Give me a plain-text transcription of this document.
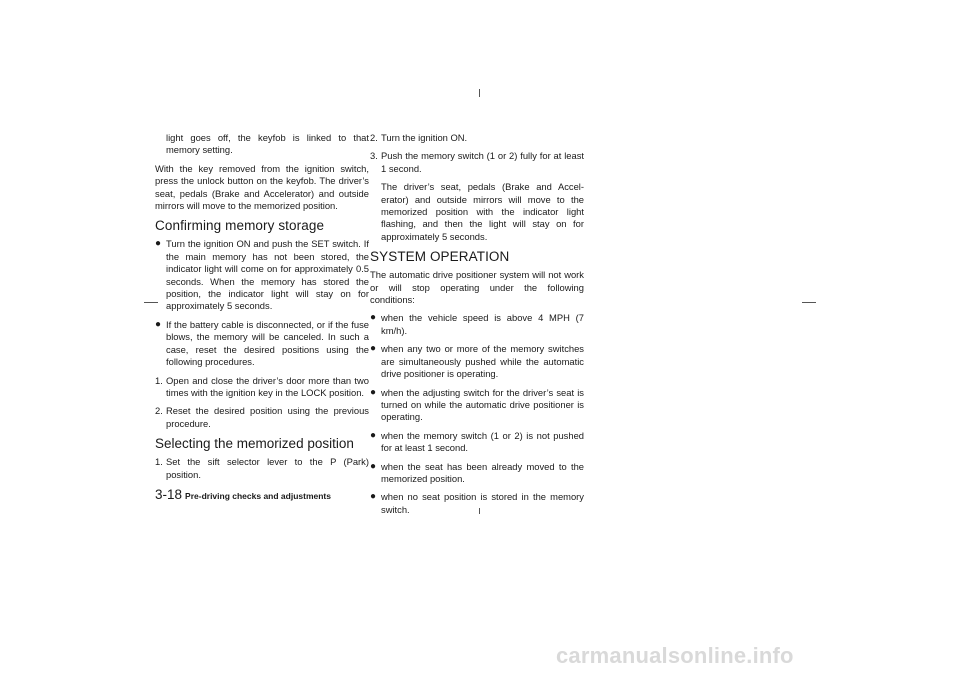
light goes off, the keyfob is linked to that memory setting.

With the key removed from the ignition switch, press the unlock button on the keyfob. The driver’s seat, pedals (Brake and Accelerator) and outside mirrors will move to the memorized position.

Confirming memory storage
● Turn the ignition ON and push the SET switch. If the main memory has not been stored, the indicator light will come on for approximately 0.5 seconds. When the memory has stored the position, the indicator light will stay on for approximately 5 seconds.
● If the battery cable is disconnected, or if the fuse blows, the memory will be canceled. In such a case, reset the desired positions using the following procedures.
1. Open and close the driver’s door more than two times with the ignition key in the LOCK position.
2. Reset the desired position using the previous procedure.
Selecting the memorized position
1. Set the sift selector lever to the P (Park) position.
2. Turn the ignition ON.
3. Push the memory switch (1 or 2) fully for at least 1 second.

The driver’s seat, pedals (Brake and Accel-erator) and outside mirrors will move to the memorized position with the indicator light flashing, and then the light will stay on for approximately 5 seconds.

SYSTEM OPERATION

The automatic drive positioner system will not work or will stop operating under the following conditions:

● when the vehicle speed is above 4 MPH (7 km/h).
● when any two or more of the memory switches are simultaneously pushed while the automatic drive positioner is operating.
● when the adjusting switch for the driver’s seat is turned on while the automatic drive positioner is operating.
● when the memory switch (1 or 2) is not pushed for at least 1 second.
● when the seat has been already moved to the memorized position.
● when no seat position is stored in the memory switch.
3-18 Pre-driving checks and adjustments
carmanualsonline.info
